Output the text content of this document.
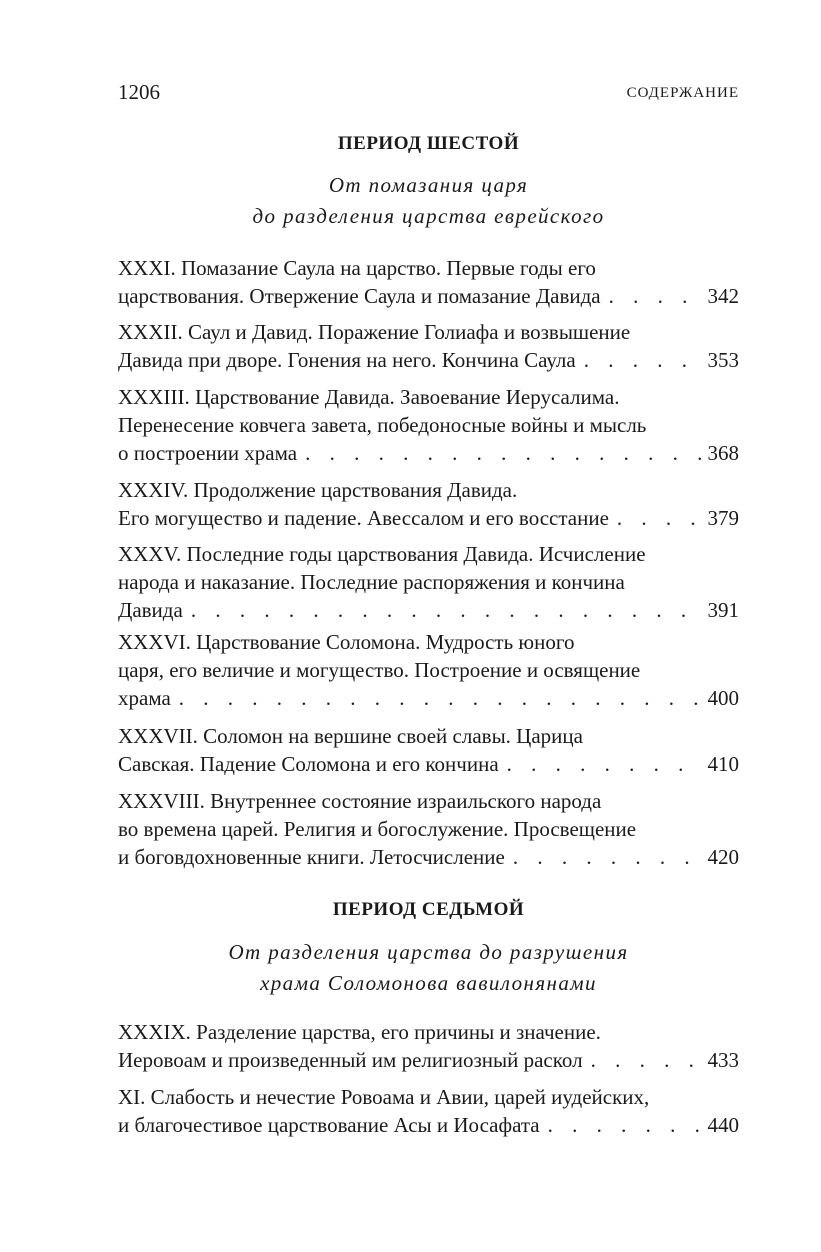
1206	СОДЕРЖАНИЕ
ПЕРИОД ШЕСТОЙ
От помазания царя
до разделения царства еврейского
XXXI. Помазание Саула на царство. Первые годы его
царствования. Отвержение Саула и помазание Давида . . .	342
XXXII. Саул и Давид. Поражение Голиафа и возвышение
Давида при дворе. Гонения на него. Кончина Саула . . .	353
XXXIII. Царствование Давида. Завоевание Иерусалима.
Перенесение ковчега завета, победоносные войны и мысль
о построении храма . . .	368
XXXIV. Продолжение царствования Давида.
Его могущество и падение. Авессалом и его восстание . . .	379
XXXV. Последние годы царствования Давида. Исчисление
народа и наказание. Последние распоряжения и кончина
Давида . . .	391
XXXVI. Царствование Соломона. Мудрость юного
царя, его величие и могущество. Построение и освящение
храма . . .	400
XXXVII. Соломон на вершине своей славы. Царица
Савская. Падение Соломона и его кончина . . .	410
XXXVIII. Внутреннее состояние израильского народа
во времена царей. Религия и богослужение. Просвещение
и боговдохновенные книги. Летосчисление . . .	420
ПЕРИОД СЕДЬМОЙ
От разделения царства до разрушения
храма Соломонова вавилонянами
XXXIX. Разделение царства, его причины и значение.
Иеровоам и произведенный им религиозный раскол . . .	433
XI. Слабость и нечестие Ровоама и Авии, царей иудейских,
и благочестивое царствование Асы и Иосафата . . .	440
